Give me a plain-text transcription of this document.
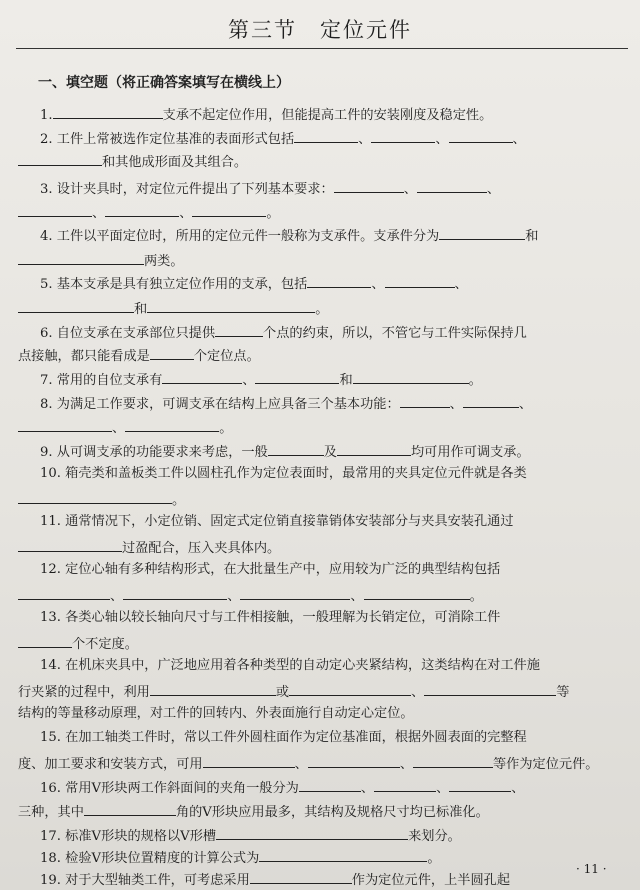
第三节　定位元件
一、填空题（将正确答案填写在横线上）
1.	支承不起定位作用，但能提高工件的安装刚度及稳定性。
2. 工件上常被选作定位基准的表面形式包括	、	、	、
和其他成形面及其组合。
3. 设计夹具时，对定位元件提出了下列基本要求：	、	、
、	、	。
4. 工件以平面定位时，所用的定位元件一般称为支承件。支承件分为	和
两类。
5. 基本支承是具有独立定位作用的支承，包括	、	、
和	。
6. 自位支承在支承部位只提供	个点的约束，所以，不管它与工件实际保持几
点接触，都只能看成是	个定位点。
7. 常用的自位支承有	、	和	。
8. 为满足工作要求，可调支承在结构上应具备三个基本功能：	、	、
、	。
9. 从可调支承的功能要求来考虑，一般	及	均可用作可调支承。
10. 箱壳类和盖板类工件以圆柱孔作为定位表面时，最常用的夹具定位元件就是各类
。
11. 通常情况下，小定位销、固定式定位销直接靠销体安装部分与夹具安装孔通过
过盈配合，压入夹具体内。
12. 定位心轴有多种结构形式，在大批量生产中，应用较为广泛的典型结构包括
、	、	、	。
13. 各类心轴以较长轴向尺寸与工件相接触，一般理解为长销定位，可消除工件
个不定度。
14. 在机床夹具中，广泛地应用着各种类型的自动定心夹紧结构，这类结构在对工件施
行夹紧的过程中，利用	或	、	等
结构的等量移动原理，对工件的回转内、外表面施行自动定心定位。
15. 在加工轴类工件时，常以工件外圆柱面作为定位基准面，根据外圆表面的完整程
度、加工要求和安装方式，可用	、	、	等作为定位元件。
16. 常用V形块两工作斜面间的夹角一般分为	、	、	、
三种，其中	角的V形块应用最多，其结构及规格尺寸均已标准化。
17. 标准V形块的规格以V形槽	来划分。
18. 检验V形块位置精度的计算公式为	。
19. 对于大型轴类工件，可考虑采用	作为定位元件，上半圆孔起
· 11 ·
